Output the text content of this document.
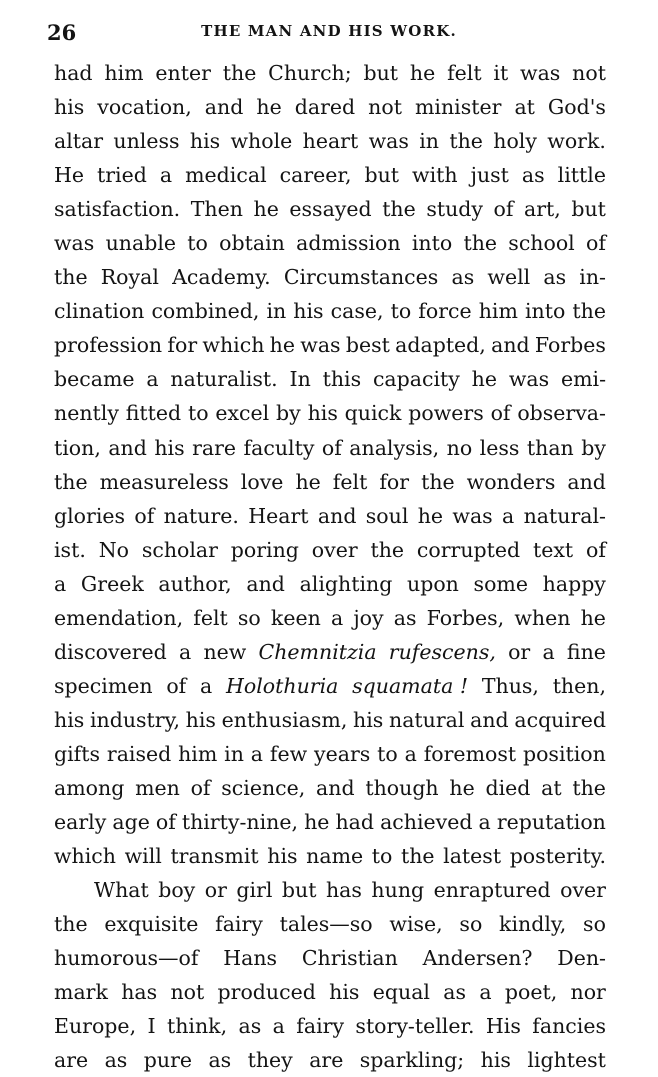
26	THE MAN AND HIS WORK.
had him enter the Church; but he felt it was not
his vocation, and he dared not minister at God's
altar unless his whole heart was in the holy work.
He tried a medical career, but with just as little
satisfaction. Then he essayed the study of art, but
was unable to obtain admission into the school of
the Royal Academy. Circumstances as well as in-
clination combined, in his case, to force him into the
profession for which he was best adapted, and Forbes
became a naturalist. In this capacity he was emi-
nently fitted to excel by his quick powers of observa-
tion, and his rare faculty of analysis, no less than by
the measureless love he felt for the wonders and
glories of nature. Heart and soul he was a natural-
ist. No scholar poring over the corrupted text of
a Greek author, and alighting upon some happy
emendation, felt so keen a joy as Forbes, when he
discovered a new Chemnitzia rufescens, or a fine
specimen of a Holothuria squamata ! Thus, then,
his industry, his enthusiasm, his natural and acquired
gifts raised him in a few years to a foremost position
among men of science, and though he died at the
early age of thirty-nine, he had achieved a reputation
which will transmit his name to the latest posterity.
What boy or girl but has hung enraptured over
the exquisite fairy tales—so wise, so kindly, so
humorous—of Hans Christian Andersen? Den-
mark has not produced his equal as a poet, nor
Europe, I think, as a fairy story-teller. His fancies
are as pure as they are sparkling; his lightest
